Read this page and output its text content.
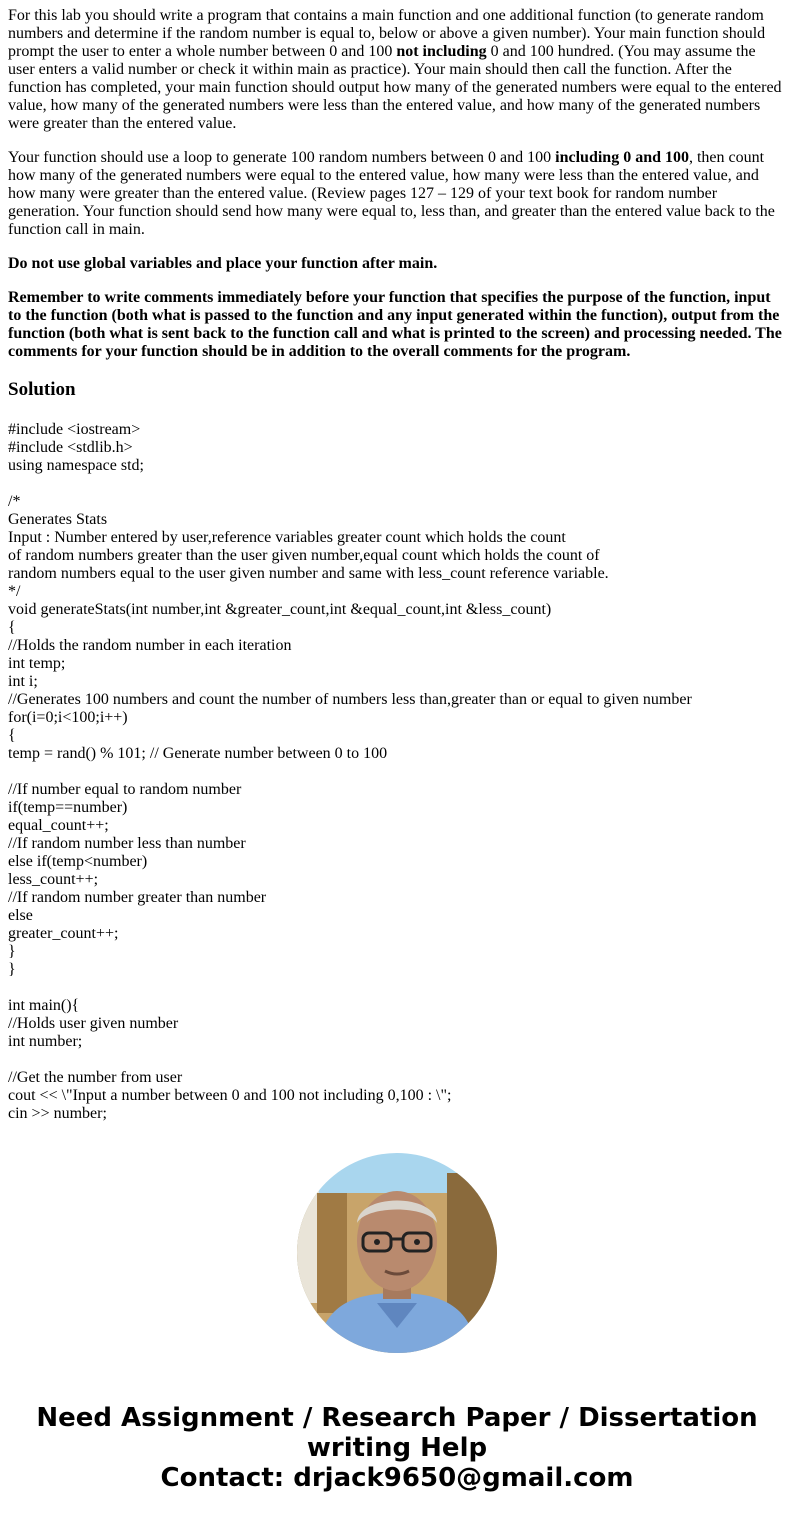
For this lab you should write a program that contains a main function and one additional function (to generate random numbers and determine if the random number is equal to, below or above a given number). Your main function should prompt the user to enter a whole number between 0 and 100 not including 0 and 100 hundred. (You may assume the user enters a valid number or check it within main as practice). Your main should then call the function. After the function has completed, your main function should output how many of the generated numbers were equal to the entered value, how many of the generated numbers were less than the entered value, and how many of the generated numbers were greater than the entered value.

Your function should use a loop to generate 100 random numbers between 0 and 100 including 0 and 100, then count how many of the generated numbers were equal to the entered value, how many were less than the entered value, and how many were greater than the entered value. (Review pages 127 – 129 of your text book for random number generation. Your function should send how many were equal to, less than, and greater than the entered value back to the function call in main.

Do not use global variables and place your function after main.

Remember to write comments immediately before your function that specifies the purpose of the function, input to the function (both what is passed to the function and any input generated within the function), output from the function (both what is sent back to the function call and what is printed to the screen) and processing needed. The comments for your function should be in addition to the overall comments for the program.

Solution
#include <iostream>
#include <stdlib.h>
using namespace std;

/*
Generates Stats
Input : Number entered by user,reference variables greater count which holds the count
of random numbers greater than the user given number,equal count which holds the count of
random numbers equal to the user given number and same with less_count reference variable.
*/
void generateStats(int number,int &greater_count,int &equal_count,int &less_count)
{
//Holds the random number in each iteration
int temp;
int i;
//Generates 100 numbers and count the number of numbers less than,greater than or equal to given number
for(i=0;i<100;i++)
{
temp = rand() % 101; // Generate number between 0 to 100

//If number equal to random number
if(temp==number)
equal_count++;
//If random number less than number
else if(temp<number)
less_count++;
//If random number greater than number
else
greater_count++;
}
}

int main(){
//Holds user given number
int number;

//Get the number from user
cout << \"Input a number between 0 and 100 not including 0,100 : \";
cin >> number;
Need Assignment / Research Paper / Dissertation writing Help
Contact: drjack9650@gmail.com
